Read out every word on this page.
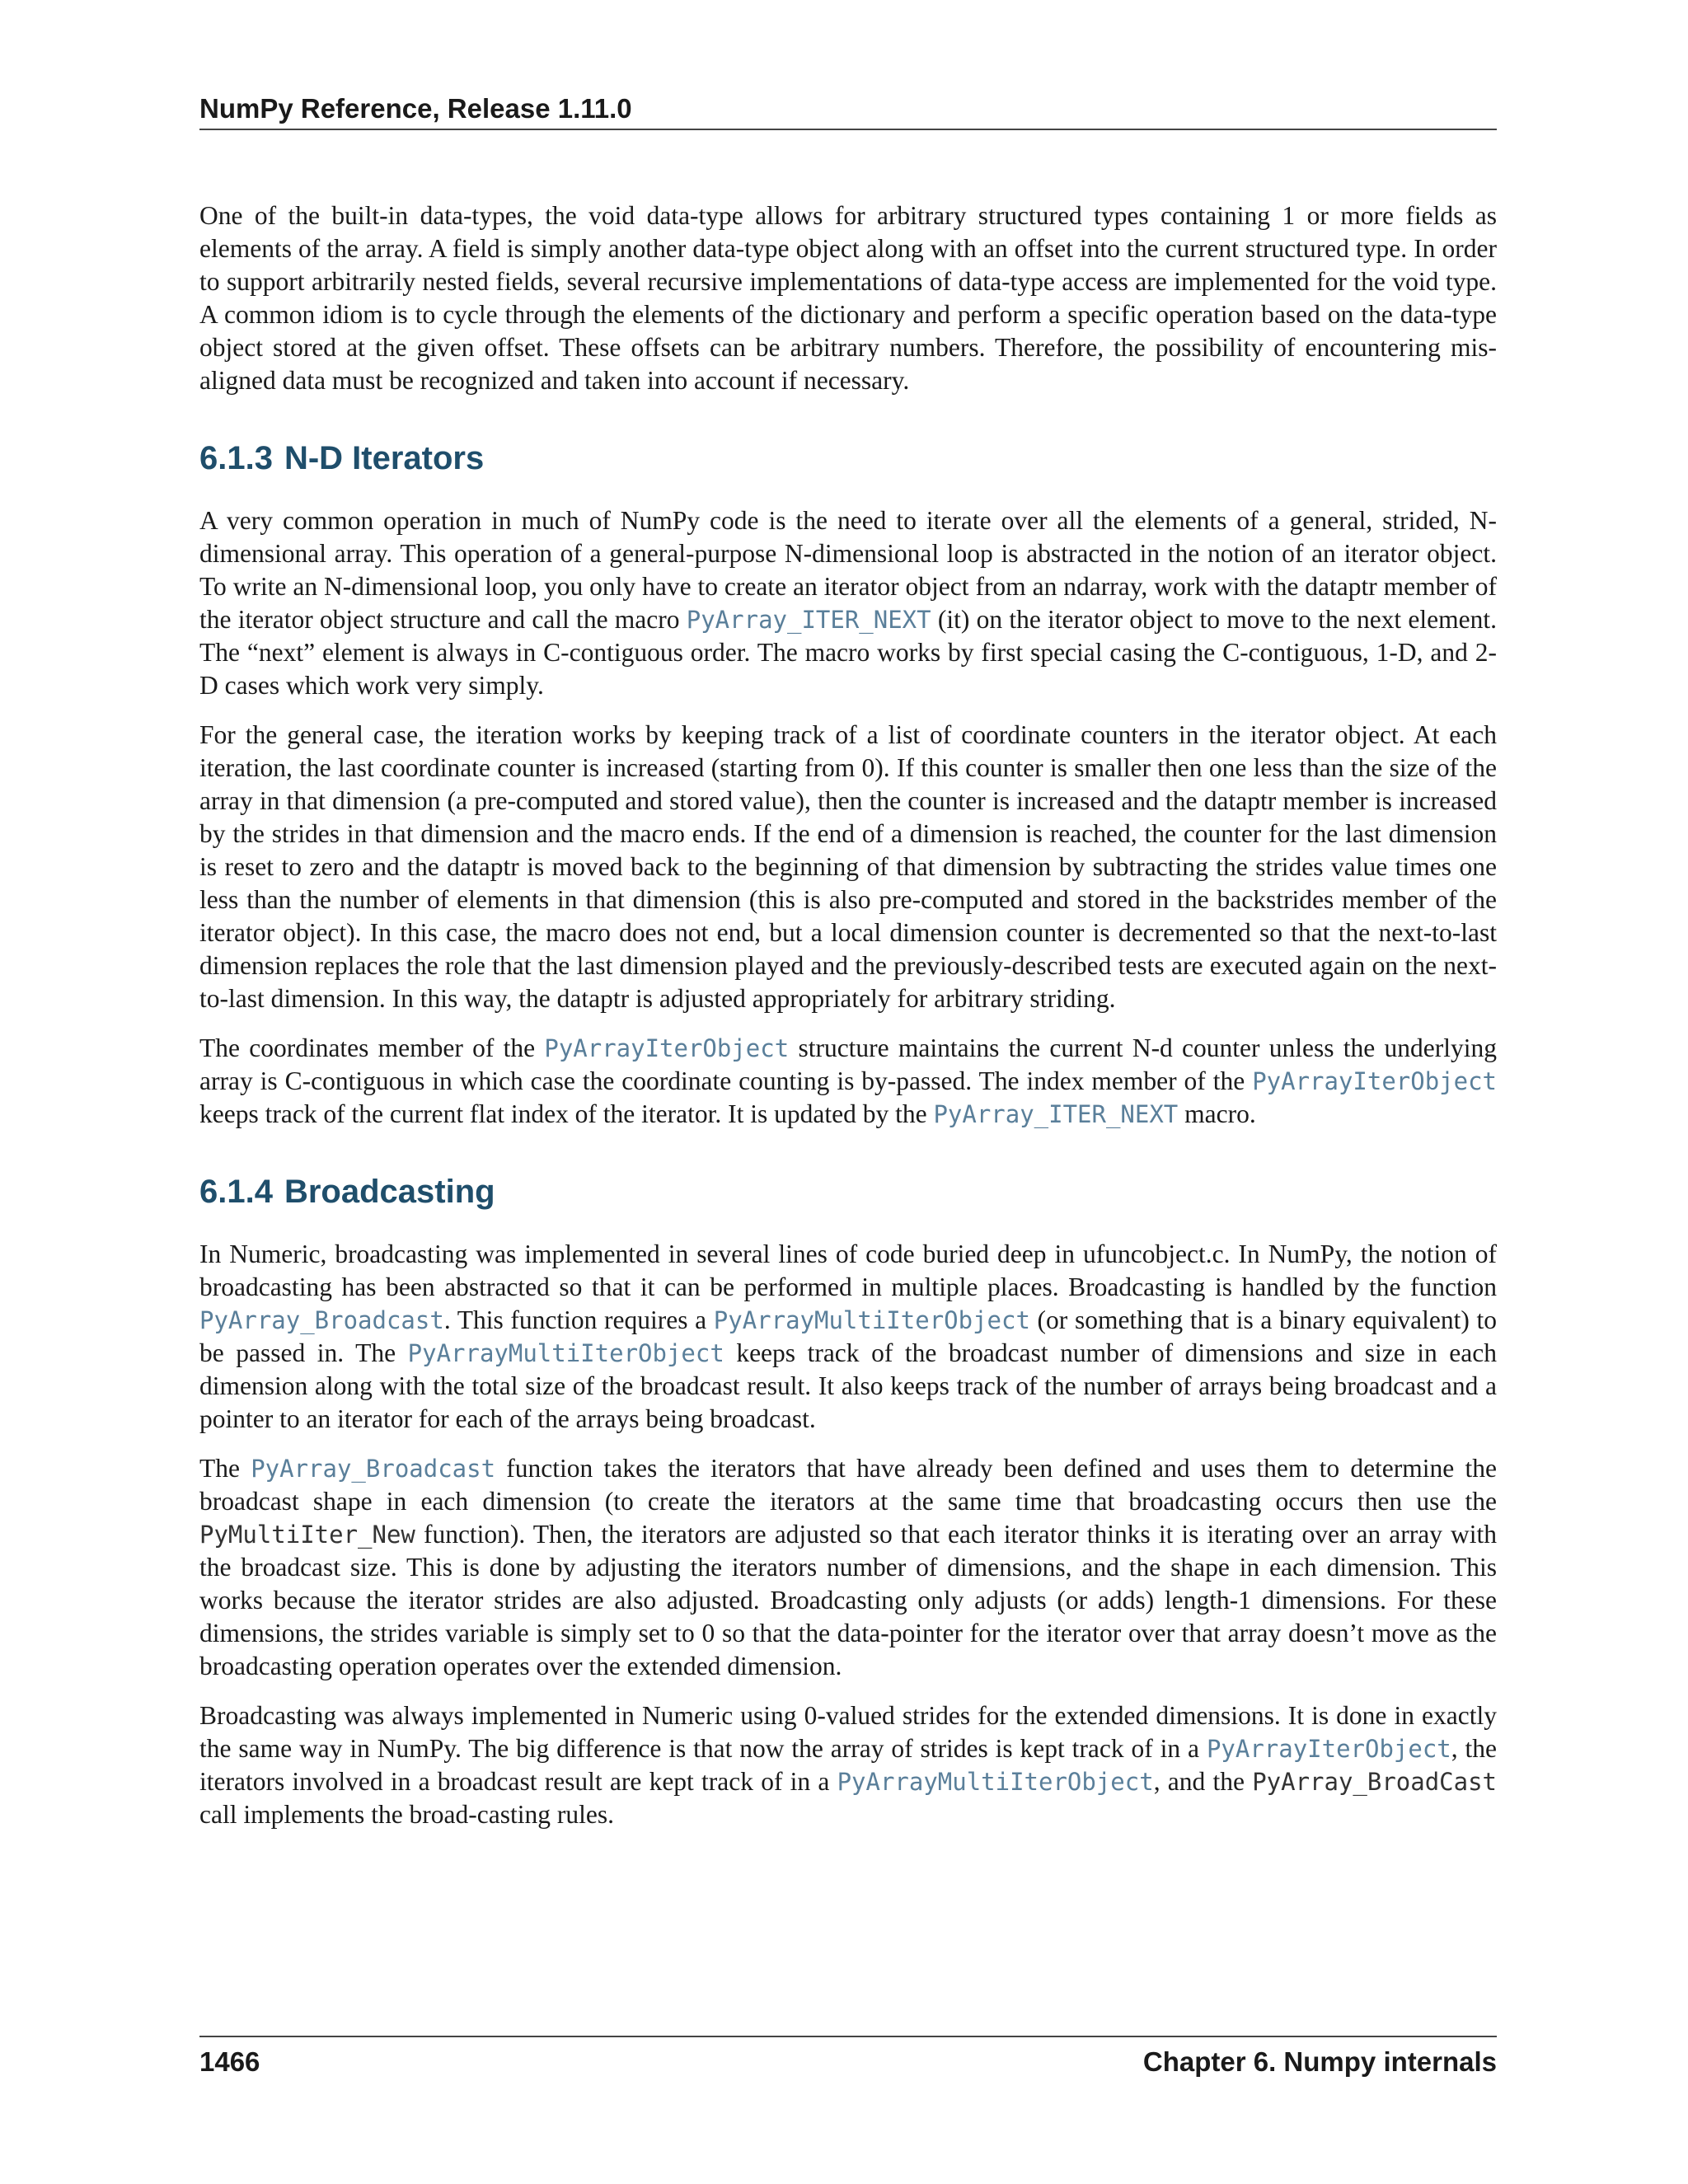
NumPy Reference, Release 1.11.0

One of the built-in data-types, the void data-type allows for arbitrary structured types containing 1 or more fields as elements of the array. A field is simply another data-type object along with an offset into the current structured type. In order to support arbitrarily nested fields, several recursive implementations of data-type access are implemented for the void type. A common idiom is to cycle through the elements of the dictionary and perform a specific operation based on the data-type object stored at the given offset. These offsets can be arbitrary numbers. Therefore, the possibility of encountering mis- aligned data must be recognized and taken into account if necessary.

6.1.3 N-D Iterators

A very common operation in much of NumPy code is the need to iterate over all the elements of a general, strided, N-dimensional array. This operation of a general-purpose N-dimensional loop is abstracted in the notion of an iterator object. To write an N-dimensional loop, you only have to create an iterator object from an ndarray, work with the dataptr member of the iterator object structure and call the macro PyArray_ITER_NEXT (it) on the iterator object to move to the next element. The “next” element is always in C-contiguous order. The macro works by first special casing the C-contiguous, 1-D, and 2-D cases which work very simply.

For the general case, the iteration works by keeping track of a list of coordinate counters in the iterator object. At each iteration, the last coordinate counter is increased (starting from 0). If this counter is smaller then one less than the size of the array in that dimension (a pre-computed and stored value), then the counter is increased and the dataptr member is increased by the strides in that dimension and the macro ends. If the end of a dimension is reached, the counter for the last dimension is reset to zero and the dataptr is moved back to the beginning of that dimension by subtracting the strides value times one less than the number of elements in that dimension (this is also pre-computed and stored in the backstrides member of the iterator object). In this case, the macro does not end, but a local dimension counter is decremented so that the next-to-last dimension replaces the role that the last dimension played and the previously-described tests are executed again on the next-to-last dimension. In this way, the dataptr is adjusted appropriately for arbitrary striding.

The coordinates member of the PyArrayIterObject structure maintains the current N-d counter unless the underlying array is C-contiguous in which case the coordinate counting is by-passed. The index member of the PyArrayIterObject keeps track of the current flat index of the iterator. It is updated by the PyArray_ITER_NEXT macro.

6.1.4 Broadcasting

In Numeric, broadcasting was implemented in several lines of code buried deep in ufuncobject.c. In NumPy, the notion of broadcasting has been abstracted so that it can be performed in multiple places. Broadcasting is handled by the function PyArray_Broadcast. This function requires a PyArrayMultiIterObject (or something that is a binary equivalent) to be passed in. The PyArrayMultiIterObject keeps track of the broadcast number of dimensions and size in each dimension along with the total size of the broadcast result. It also keeps track of the number of arrays being broadcast and a pointer to an iterator for each of the arrays being broadcast.

The PyArray_Broadcast function takes the iterators that have already been defined and uses them to determine the broadcast shape in each dimension (to create the iterators at the same time that broadcasting occurs then use the PyMultiIter_New function). Then, the iterators are adjusted so that each iterator thinks it is iterating over an array with the broadcast size. This is done by adjusting the iterators number of dimensions, and the shape in each dimension. This works because the iterator strides are also adjusted. Broadcasting only adjusts (or adds) length-1 dimensions. For these dimensions, the strides variable is simply set to 0 so that the data-pointer for the iterator over that array doesn’t move as the broadcasting operation operates over the extended dimension.

Broadcasting was always implemented in Numeric using 0-valued strides for the extended dimensions. It is done in exactly the same way in NumPy. The big difference is that now the array of strides is kept track of in a PyArrayIterObject, the iterators involved in a broadcast result are kept track of in a PyArrayMultiIterObject, and the PyArray_BroadCast call implements the broad-casting rules.

1466	Chapter 6. Numpy internals
